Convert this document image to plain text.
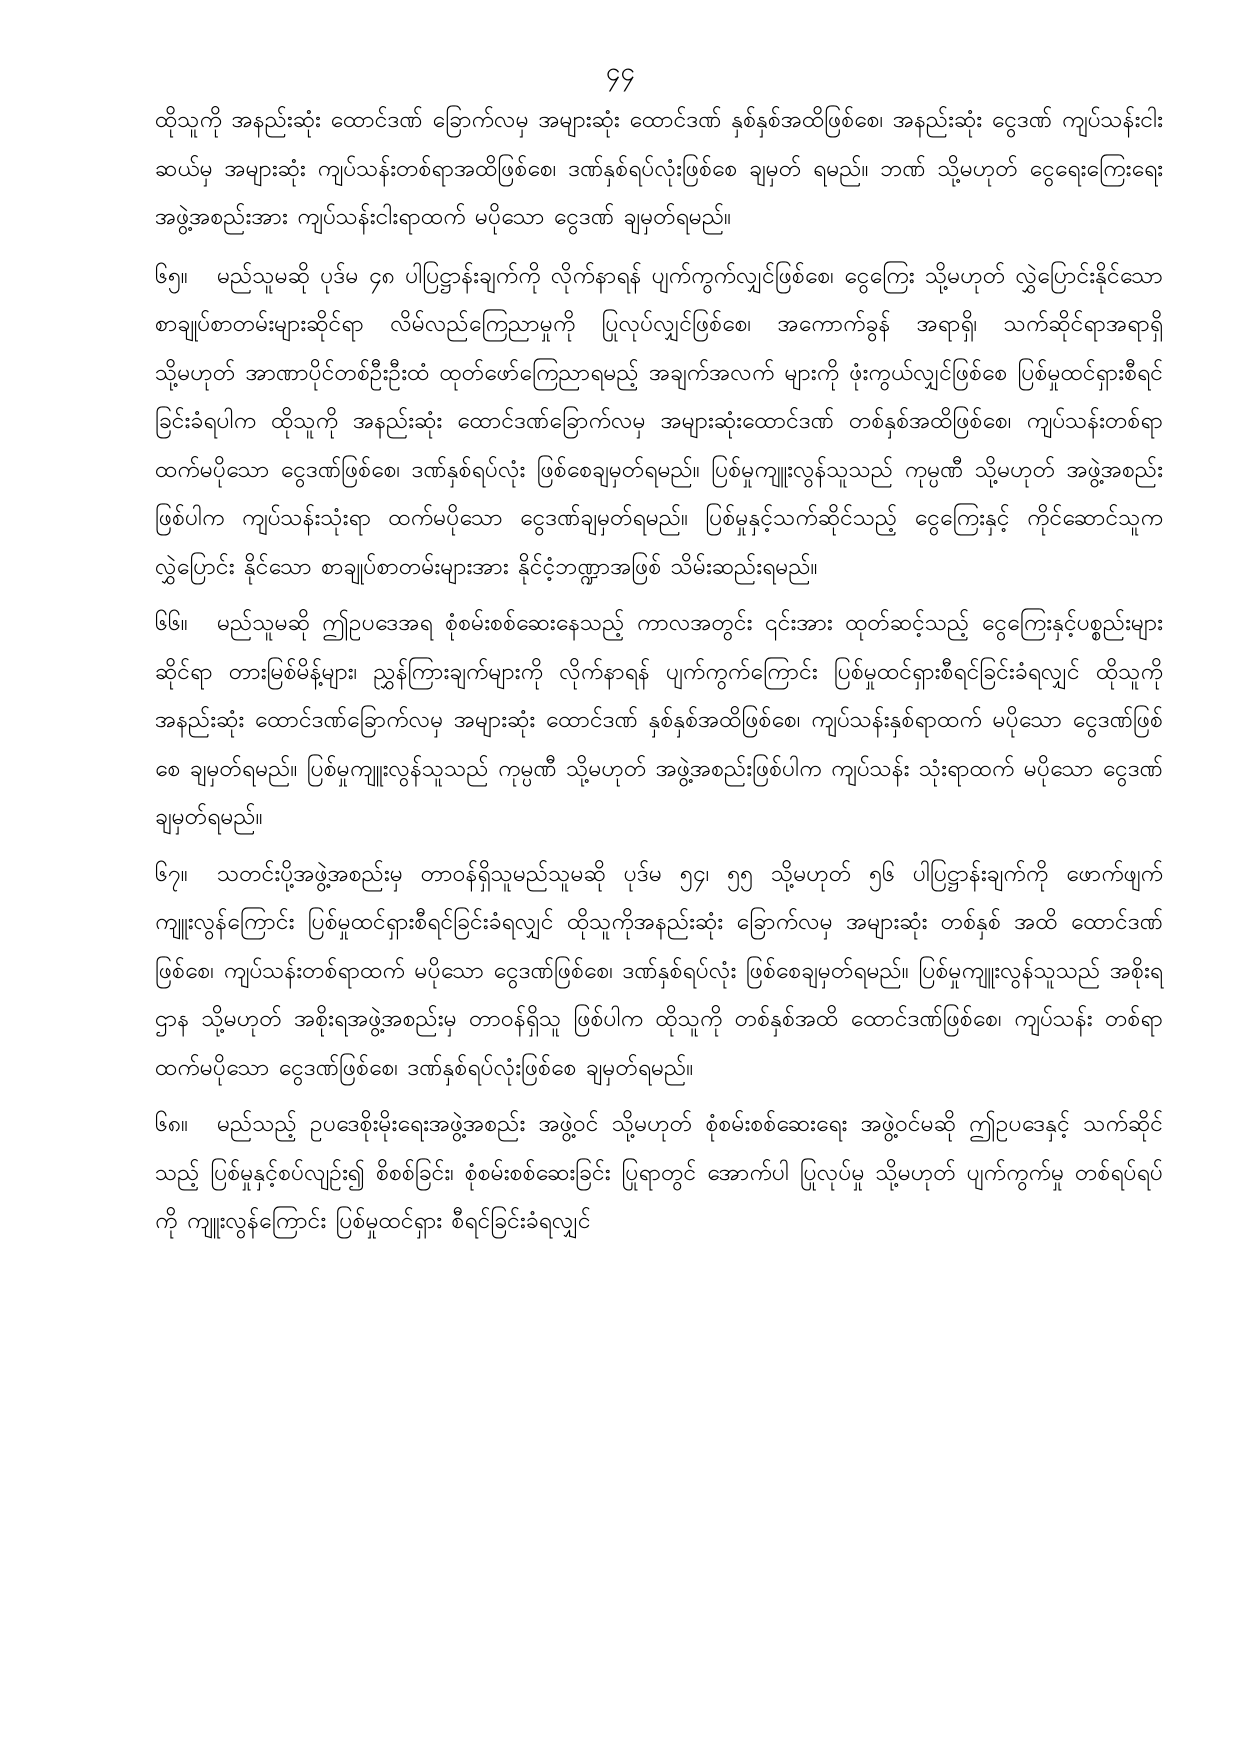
၄၄

ထိုသူကို အနည်းဆုံး ထောင်ဒဏ် ခြောက်လမှ အများဆုံး ထောင်ဒဏ် နှစ်နှစ်အထိဖြစ်စေ၊ အနည်းဆုံး ငွေဒဏ် ကျပ်သန်းငါးဆယ်မှ အများဆုံး ကျပ်သန်းတစ်ရာအထိဖြစ်စေ၊ ဒဏ်နှစ်ရပ်လုံးဖြစ်စေ ချမှတ် ရမည်။ ဘဏ် သို့မဟုတ် ငွေရေးကြေးရေးအဖွဲ့အစည်းအား ကျပ်သန်းငါးရာထက် မပိုသော ငွေဒဏ် ချမှတ်ရမည်။

၆၅။ မည်သူမဆို ပုဒ်မ ၄၈ ပါပြဋ္ဌာန်းချက်ကို လိုက်နာရန် ပျက်ကွက်လျှင်ဖြစ်စေ၊ ငွေကြေး သို့မဟုတ် လွှဲပြောင်းနိုင်သောစာချုပ်စာတမ်းများဆိုင်ရာ လိမ်လည်ကြေညာမှုကို ပြုလုပ်လျှင်ဖြစ်စေ၊ အကောက်ခွန် အရာရှိ၊ သက်ဆိုင်ရာအရာရှိ သို့မဟုတ် အာဏာပိုင်တစ်ဦးဦးထံ ထုတ်ဖော်ကြေညာရမည့် အချက်အလက် များကို ဖုံးကွယ်လျှင်ဖြစ်စေ ပြစ်မှုထင်ရှားစီရင်ခြင်းခံရပါက ထိုသူကို အနည်းဆုံး ထောင်ဒဏ်ခြောက်လမှ အများဆုံးထောင်ဒဏ် တစ်နှစ်အထိဖြစ်စေ၊ ကျပ်သန်းတစ်ရာထက်မပိုသော ငွေဒဏ်ဖြစ်စေ၊ ဒဏ်နှစ်ရပ်လုံး ဖြစ်စေချမှတ်ရမည်။ ပြစ်မှုကျူးလွန်သူသည် ကုမ္ပဏီ သို့မဟုတ် အဖွဲ့အစည်းဖြစ်ပါက ကျပ်သန်းသုံးရာ ထက်မပိုသော ငွေဒဏ်ချမှတ်ရမည်။ ပြစ်မှုနှင့်သက်ဆိုင်သည့် ငွေကြေးနှင့် ကိုင်ဆောင်သူက လွှဲပြောင်း နိုင်သော စာချုပ်စာတမ်းများအား နိုင်ငံ့ဘဏ္ဍာအဖြစ် သိမ်းဆည်းရမည်။

၆၆။ မည်သူမဆို ဤဥပဒေအရ စုံစမ်းစစ်ဆေးနေသည့် ကာလအတွင်း ၎င်းအား ထုတ်ဆင့်သည့် ငွေကြေးနှင့်ပစ္စည်းများဆိုင်ရာ တားမြစ်မိန့်များ၊ ညွှန်ကြားချက်များကို လိုက်နာရန် ပျက်ကွက်ကြောင်း ပြစ်မှုထင်ရှားစီရင်ခြင်းခံရလျှင် ထိုသူကို အနည်းဆုံး ထောင်ဒဏ်ခြောက်လမှ အများဆုံး ထောင်ဒဏ် နှစ်နှစ်အထိဖြစ်စေ၊ ကျပ်သန်းနှစ်ရာထက် မပိုသော ငွေဒဏ်ဖြစ်စေ ချမှတ်ရမည်။ ပြစ်မှုကျူးလွန်သူသည် ကုမ္ပဏီ သို့မဟုတ် အဖွဲ့အစည်းဖြစ်ပါက ကျပ်သန်း သုံးရာထက် မပိုသော ငွေဒဏ်ချမှတ်ရမည်။

၆၇။ သတင်းပို့အဖွဲ့အစည်းမှ တာဝန်ရှိသူမည်သူမဆို ပုဒ်မ ၅၄၊ ၅၅ သို့မဟုတ် ၅၆ ပါပြဋ္ဌာန်းချက်ကို ဖောက်ဖျက်ကျူးလွန်ကြောင်း ပြစ်မှုထင်ရှားစီရင်ခြင်းခံရလျှင် ထိုသူကိုအနည်းဆုံး ခြောက်လမှ အများဆုံး တစ်နှစ် အထိ ထောင်ဒဏ်ဖြစ်စေ၊ ကျပ်သန်းတစ်ရာထက် မပိုသော ငွေဒဏ်ဖြစ်စေ၊ ဒဏ်နှစ်ရပ်လုံး ဖြစ်စေချမှတ်ရမည်။ ပြစ်မှုကျူးလွန်သူသည် အစိုးရဌာန သို့မဟုတ် အစိုးရအဖွဲ့အစည်းမှ တာဝန်ရှိသူ ဖြစ်ပါက ထိုသူကို တစ်နှစ်အထိ ထောင်ဒဏ်ဖြစ်စေ၊ ကျပ်သန်း တစ်ရာထက်မပိုသော ငွေဒဏ်ဖြစ်စေ၊ ဒဏ်နှစ်ရပ်လုံးဖြစ်စေ ချမှတ်ရမည်။

၆၈။ မည်သည့် ဥပဒေစိုးမိုးရေးအဖွဲ့အစည်း အဖွဲ့ဝင် သို့မဟုတ် စုံစမ်းစစ်ဆေးရေး အဖွဲ့ဝင်မဆို ဤဥပဒေနှင့် သက်ဆိုင်သည့် ပြစ်မှုနှင့်စပ်လျဉ်း၍ စိစစ်ခြင်း၊ စုံစမ်းစစ်ဆေးခြင်း ပြုရာတွင် အောက်ပါ ပြုလုပ်မှု သို့မဟုတ် ပျက်ကွက်မှု တစ်ရပ်ရပ်ကို ကျူးလွန်ကြောင်း ပြစ်မှုထင်ရှား စီရင်ခြင်းခံရလျှင်
